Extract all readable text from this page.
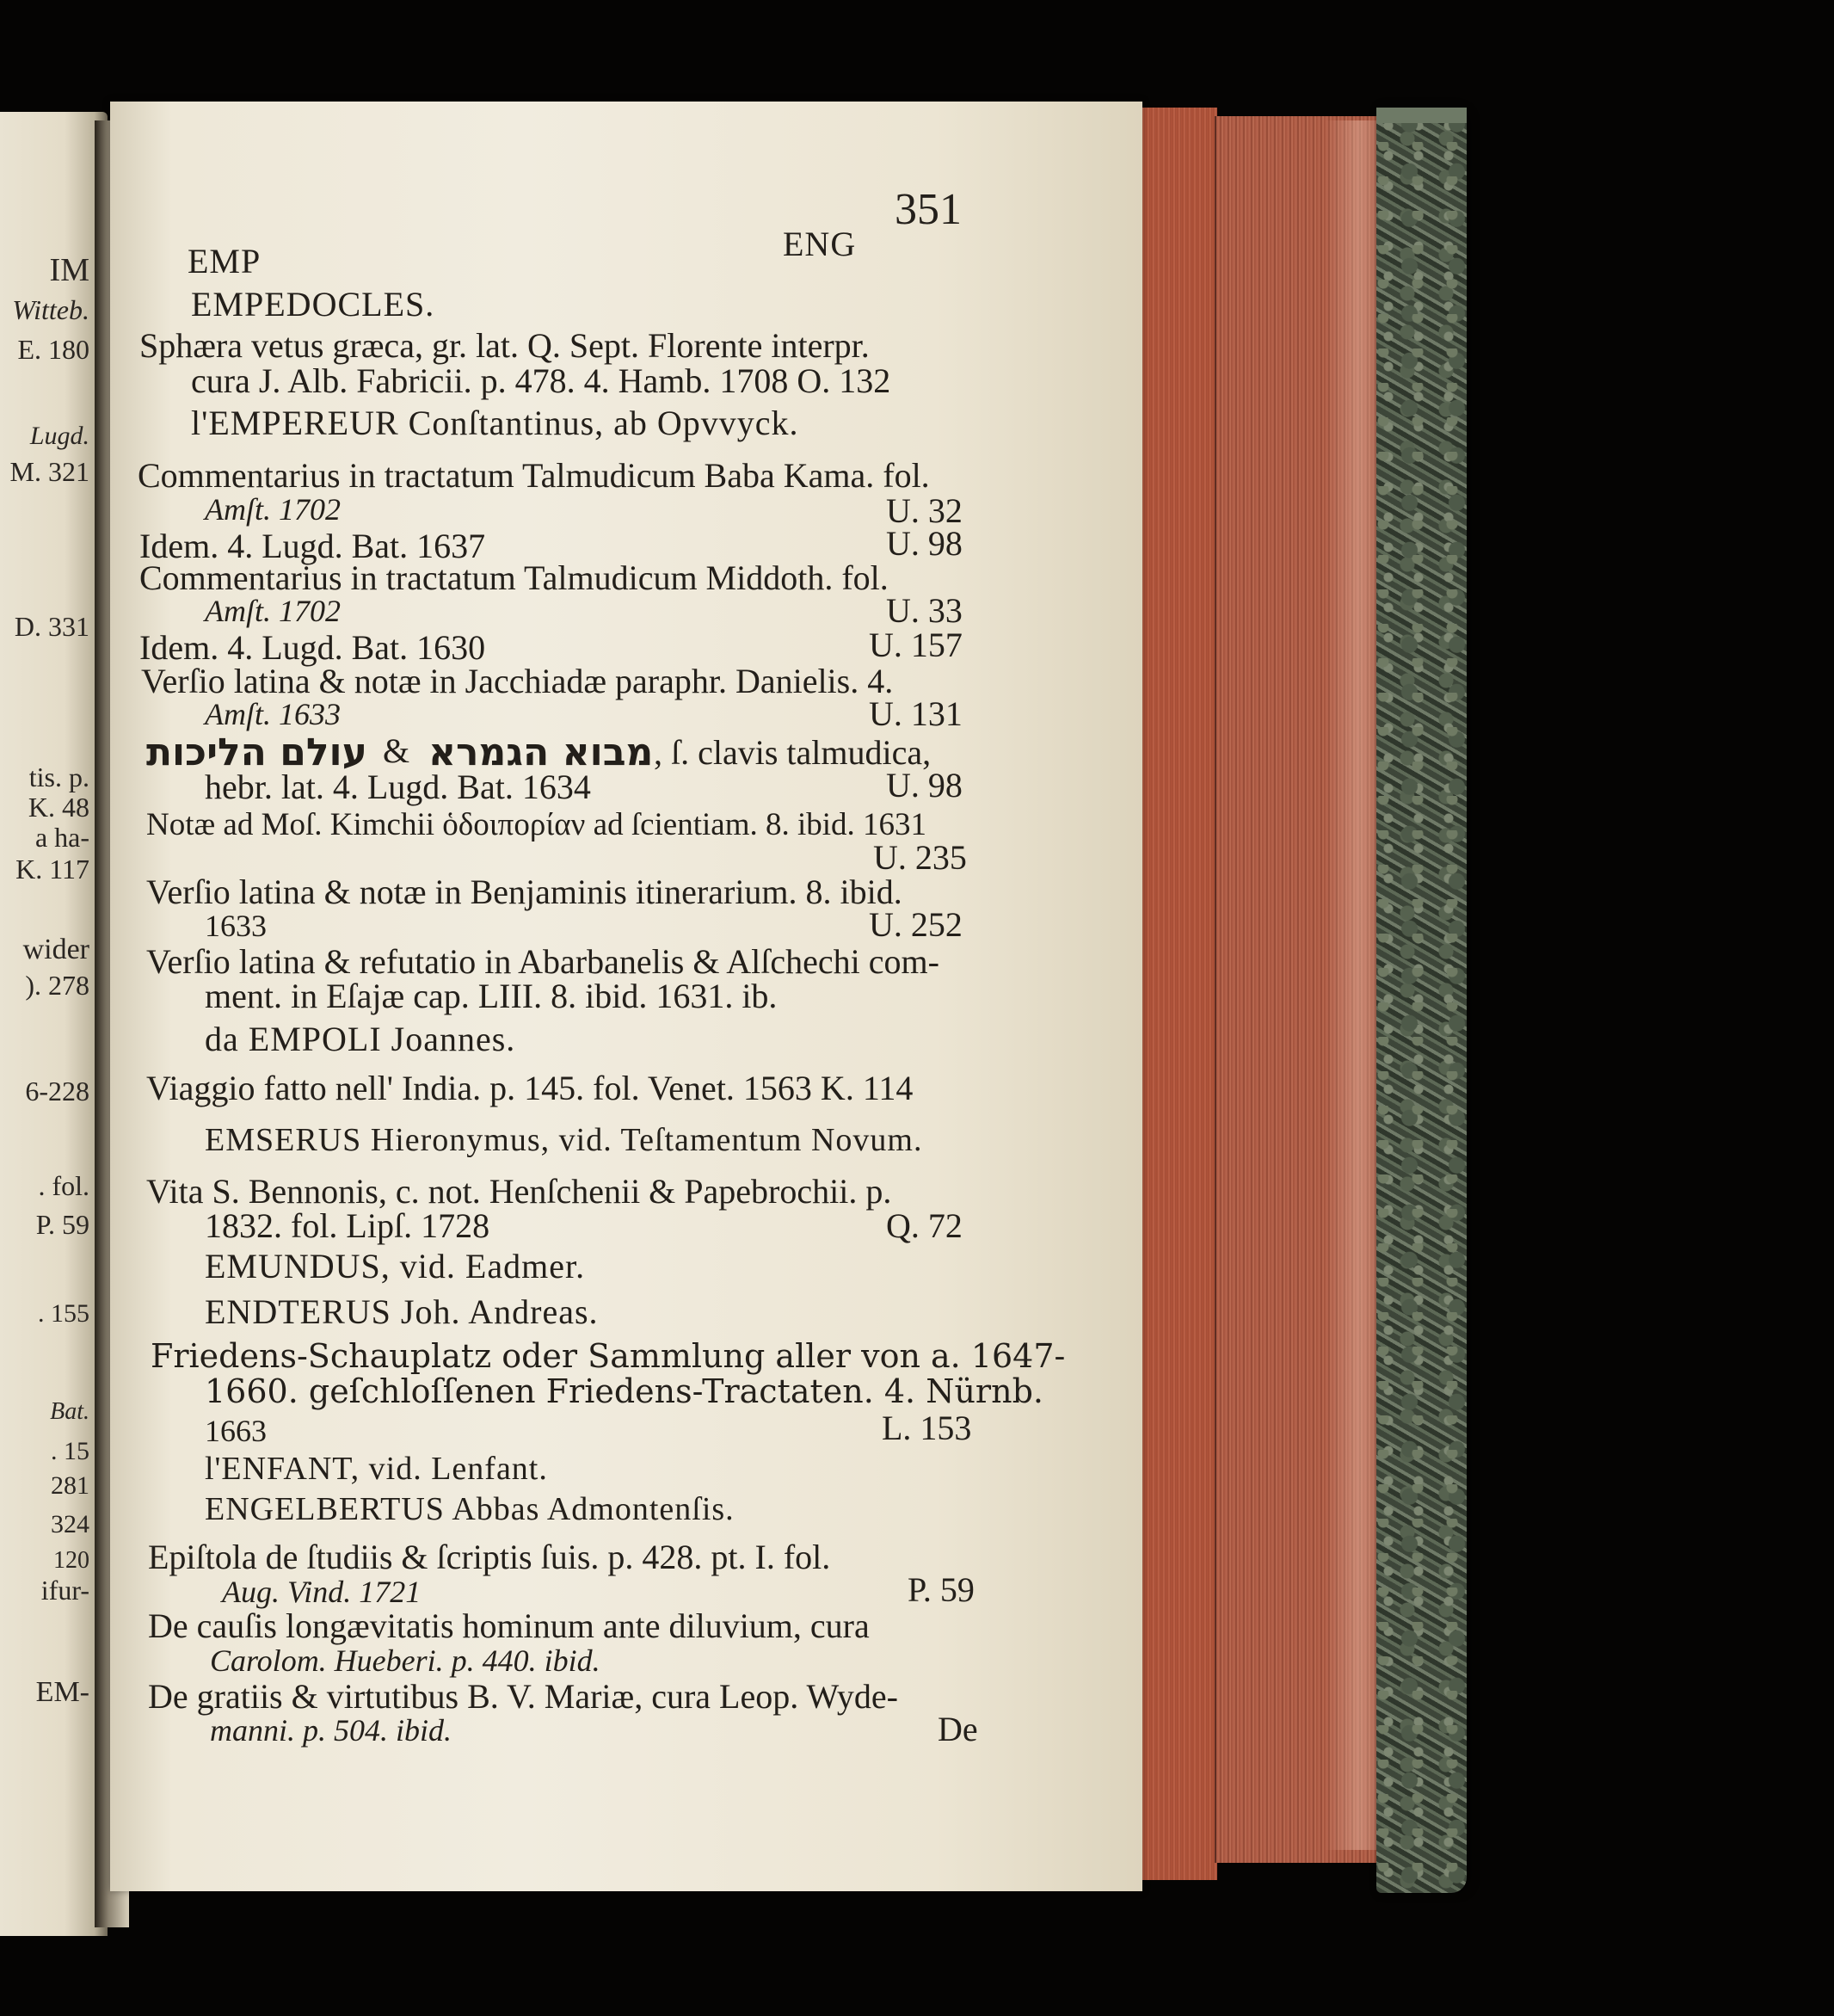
IM
Witteb.
E. 180
Lugd.
M. 321
D. 331
tis. p.
K. 48
a ha-
K. 117
wider
). 278
6-228
. fol.
P. 59
. 155
Bat.
. 15
281
324
120
ifur-
EM-
351
EMP	ENG
EMPEDOCLES.
Sphæra vetus græca, gr. lat. Q. Sept. Florente interpr.
cura J. Alb. Fabricii. p. 478. 4. Hamb. 1708 O. 132
l'EMPEREUR Conſtantinus, ab Opvvyck.
Commentarius in tractatum Talmudicum Baba Kama. fol.
Amſt. 1702	U. 32
Idem. 4. Lugd. Bat. 1637	U. 98
Commentarius in tractatum Talmudicum Middoth. fol.
Amſt. 1702	U. 33
Idem. 4. Lugd. Bat. 1630	U. 157
Verſio latina & notæ in Jacchiadæ paraphr. Danielis. 4.
Amſt. 1633	U. 131
עולם הליכות & מבוא הגמרא , ſ. clavis talmudica,
hebr. lat. 4. Lugd. Bat. 1634	U. 98
Notæ ad Moſ. Kimchii ὁδοιπορίαν ad ſcientiam. 8. ibid. 1631
U. 235
Verſio latina & notæ in Benjaminis itinerarium. 8. ibid.
1633	U. 252
Verſio latina & refutatio in Abarbanelis & Alſchechi com-
ment. in Eſajæ cap. LIII. 8. ibid. 1631. ib.
da EMPOLI Joannes.
Viaggio fatto nell' India. p. 145. fol. Venet. 1563 K. 114
EMSERUS Hieronymus, vid. Teſtamentum Novum.
Vita S. Bennonis, c. not. Henſchenii & Papebrochii. p.
1832. fol. Lipſ. 1728	Q. 72
EMUNDUS, vid. Eadmer.
ENDTERUS Joh. Andreas.
Friedens-Schauplatz oder Sammlung aller von a. 1647-
1660. geſchloſſenen Friedens-Tractaten. 4. Nürnb.
1663	L. 153
l'ENFANT, vid. Lenfant.
ENGELBERTUS Abbas Admontenſis.
Epiſtola de ſtudiis & ſcriptis ſuis. p. 428. pt. I. fol.
Aug. Vind. 1721	P. 59
De cauſis longævitatis hominum ante diluvium, cura
Carolom. Hueberi. p. 440. ibid.
De gratiis & virtutibus B. V. Mariæ, cura Leop. Wyde-
manni. p. 504. ibid.	De
